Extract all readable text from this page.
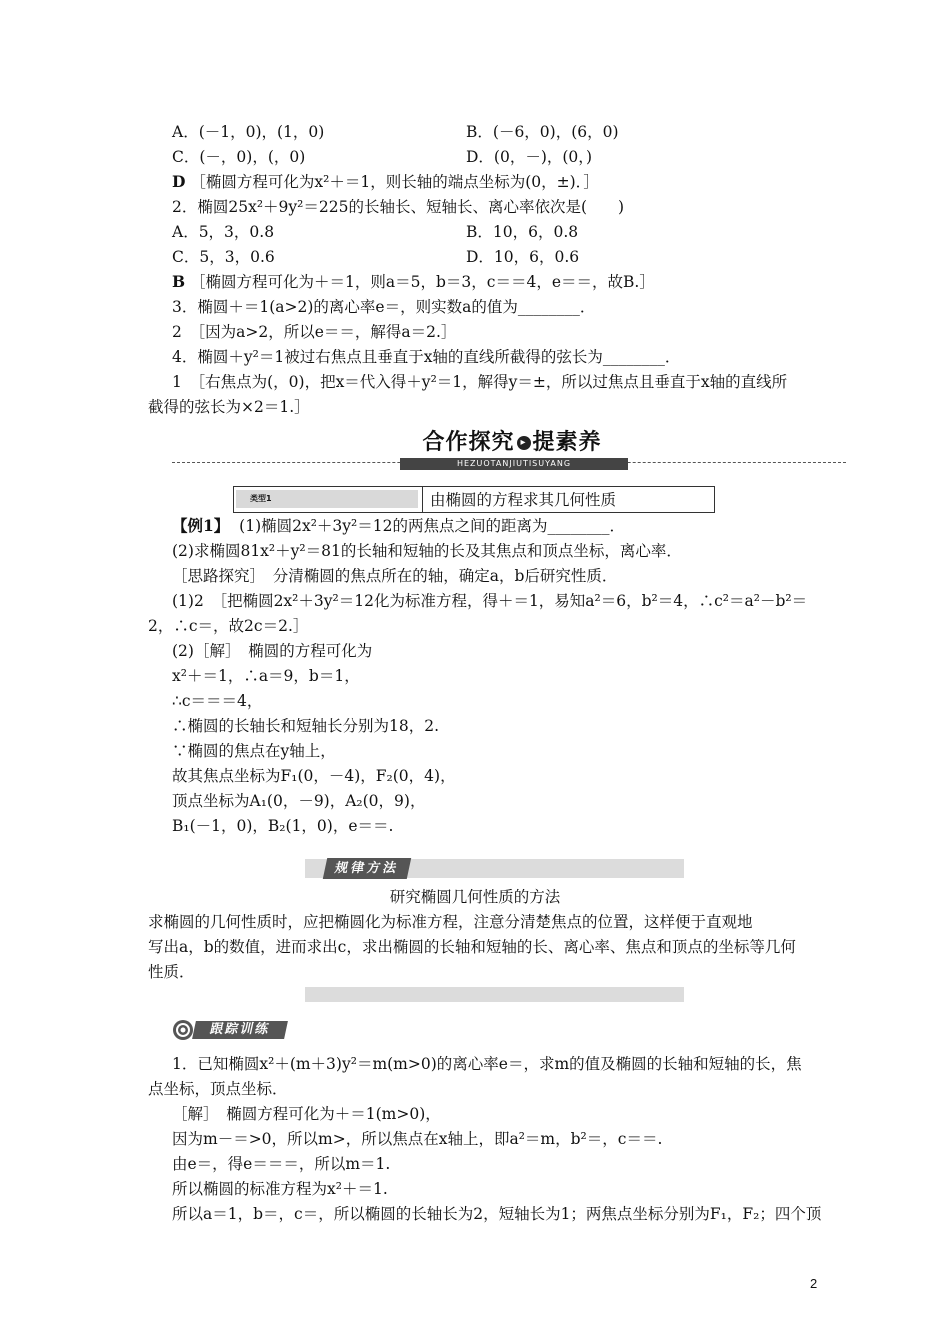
A．(－1，0)，(1，0)	B．(－6，0)，(6，0)
C．(－，0)，(，0)	D．(0，－)，(0，)
D ［椭圆方程可化为x²＋＝1，则长轴的端点坐标为(0，±)．］
2．椭圆25x²＋9y²＝225的长轴长、短轴长、离心率依次是(　　)
A．5，3，0.8	B．10，6，0.8
C．5，3，0.6	D．10，6，0.6
B ［椭圆方程可化为＋＝1，则a＝5，b＝3，c＝＝4，e＝＝，故B.］
3．椭圆＋＝1(a>2)的离心率e＝，则实数a的值为________．
2　［因为a>2，所以e＝＝，解得a＝2.］
4．椭圆＋y²＝1被过右焦点且垂直于x轴的直线所截得的弦长为________．
1　［右焦点为(，0)，把x＝代入得＋y²＝1，解得y＝±，所以过焦点且垂直于x轴的直线所
截得的弦长为×2＝1.］
合作探究 ▸ 提素养
HEZUOTANJIUTISUYANG
类型1	由椭圆的方程求其几何性质
【例1】 (1)椭圆2x²＋3y²＝12的两焦点之间的距离为________．
(2)求椭圆81x²＋y²＝81的长轴和短轴的长及其焦点和顶点坐标，离心率．
［思路探究］　分清椭圆的焦点所在的轴，确定a，b后研究性质．
(1)2　［把椭圆2x²＋3y²＝12化为标准方程，得＋＝1，易知a²＝6，b²＝4，∴c²＝a²－b²＝
2，∴c＝，故2c＝2.］
(2)［解］　椭圆的方程可化为
x²＋＝1，∴a＝9，b＝1，
∴c＝＝＝4，
∴椭圆的长轴长和短轴长分别为18，2.
∵椭圆的焦点在y轴上，
故其焦点坐标为F₁(0，－4)，F₂(0，4)，
顶点坐标为A₁(0，－9)，A₂(0，9)，
B₁(－1，0)，B₂(1，0)，e＝＝.
规律方法
研究椭圆几何性质的方法
求椭圆的几何性质时，应把椭圆化为标准方程，注意分清楚焦点的位置，这样便于直观地
写出a，b的数值，进而求出c，求出椭圆的长轴和短轴的长、离心率、焦点和顶点的坐标等几何
性质．
跟踪训练
1．已知椭圆x²＋(m＋3)y²＝m(m>0)的离心率e＝，求m的值及椭圆的长轴和短轴的长，焦
点坐标，顶点坐标．
［解］　椭圆方程可化为＋＝1(m>0)，
因为m－＝>0，所以m>，所以焦点在x轴上，即a²＝m，b²＝，c＝＝.
由e＝，得e＝＝＝，所以m＝1.
所以椭圆的标准方程为x²＋＝1.
所以a＝1，b＝，c＝，所以椭圆的长轴长为2，短轴长为1；两焦点坐标分别为F₁，F₂；四个顶
2
